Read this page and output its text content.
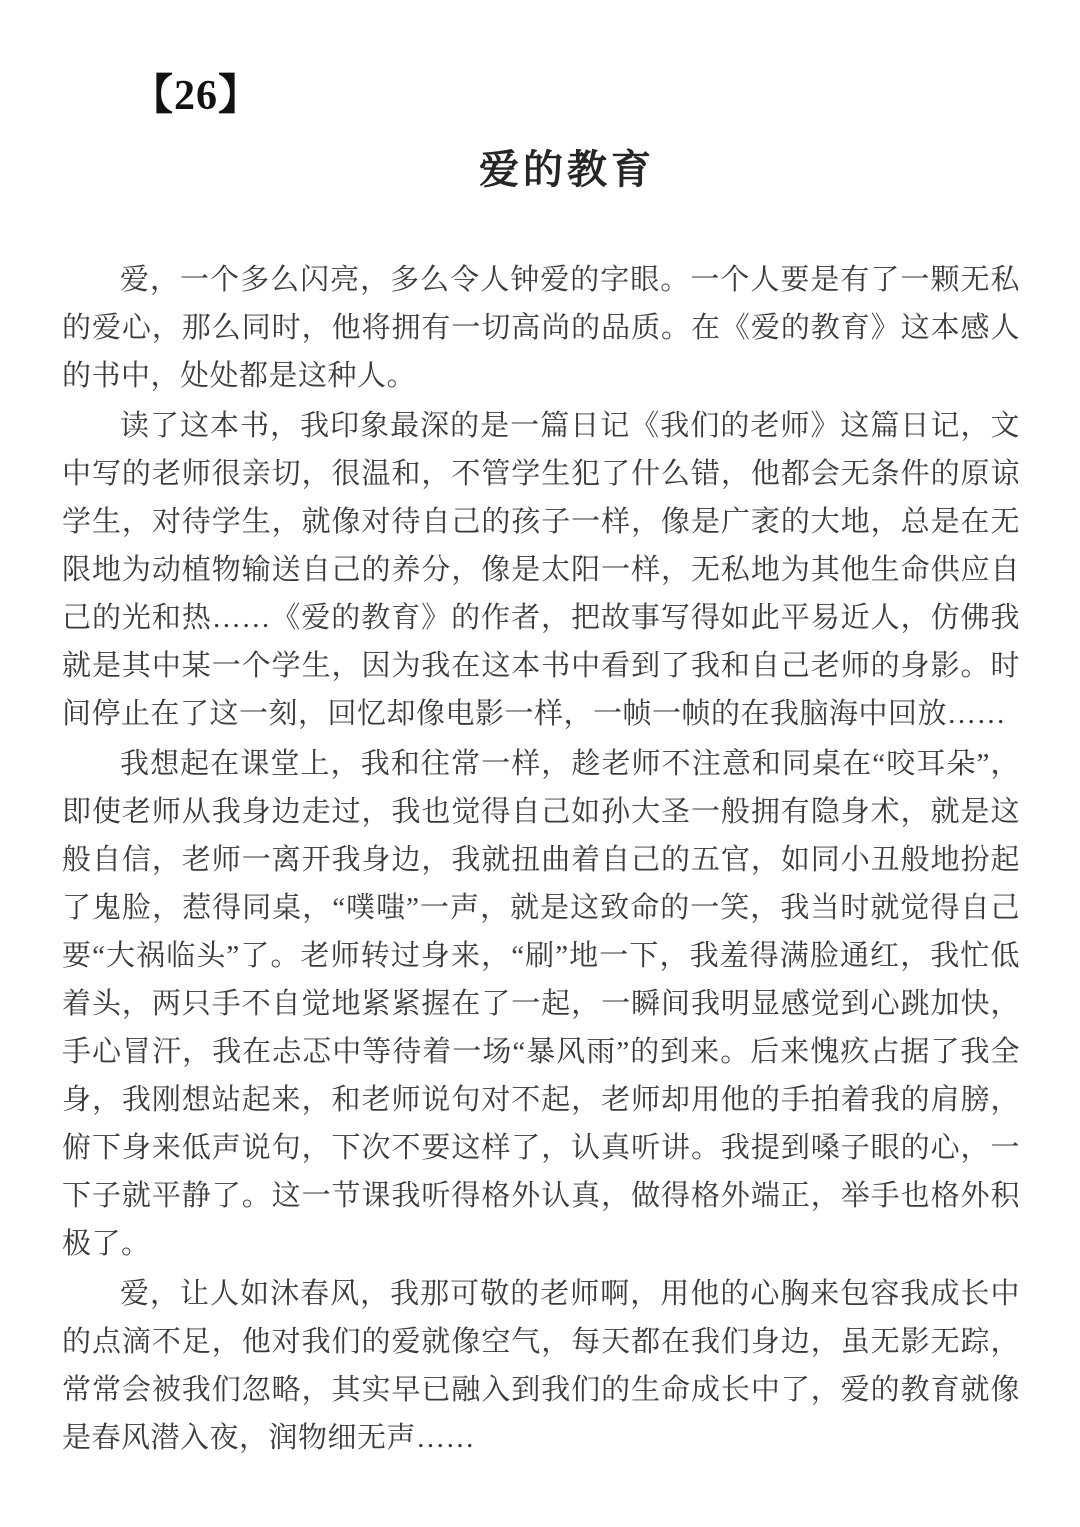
【26】
爱的教育

爱，一个多么闪亮，多么令人钟爱的字眼。一个人要是有了一颗无私的爱心，那么同时，他将拥有一切高尚的品质。在《爱的教育》这本感人的书中，处处都是这种人。

读了这本书，我印象最深的是一篇日记《我们的老师》这篇日记，文中写的老师很亲切，很温和，不管学生犯了什么错，他都会无条件的原谅学生，对待学生，就像对待自己的孩子一样，像是广袤的大地，总是在无限地为动植物输送自己的养分，像是太阳一样，无私地为其他生命供应自己的光和热……《爱的教育》的作者，把故事写得如此平易近人，仿佛我就是其中某一个学生，因为我在这本书中看到了我和自己老师的身影。时间停止在了这一刻，回忆却像电影一样，一帧一帧的在我脑海中回放……

我想起在课堂上，我和往常一样，趁老师不注意和同桌在“咬耳朵”，即使老师从我身边走过，我也觉得自己如孙大圣一般拥有隐身术，就是这般自信，老师一离开我身边，我就扭曲着自己的五官，如同小丑般地扮起了鬼脸，惹得同桌，“噗嗤”一声，就是这致命的一笑，我当时就觉得自己要“大祸临头”了。老师转过身来，“刷”地一下，我羞得满脸通红，我忙低着头，两只手不自觉地紧紧握在了一起，一瞬间我明显感觉到心跳加快，手心冒汗，我在忐忑中等待着一场“暴风雨”的到来。后来愧疚占据了我全身，我刚想站起来，和老师说句对不起，老师却用他的手拍着我的肩膀，俯下身来低声说句，下次不要这样了，认真听讲。我提到嗓子眼的心，一下子就平静了。这一节课我听得格外认真，做得格外端正，举手也格外积极了。

爱，让人如沐春风，我那可敬的老师啊，用他的心胸来包容我成长中的点滴不足，他对我们的爱就像空气，每天都在我们身边，虽无影无踪，常常会被我们忽略，其实早已融入到我们的生命成长中了，爱的教育就像是春风潜入夜，润物细无声……
